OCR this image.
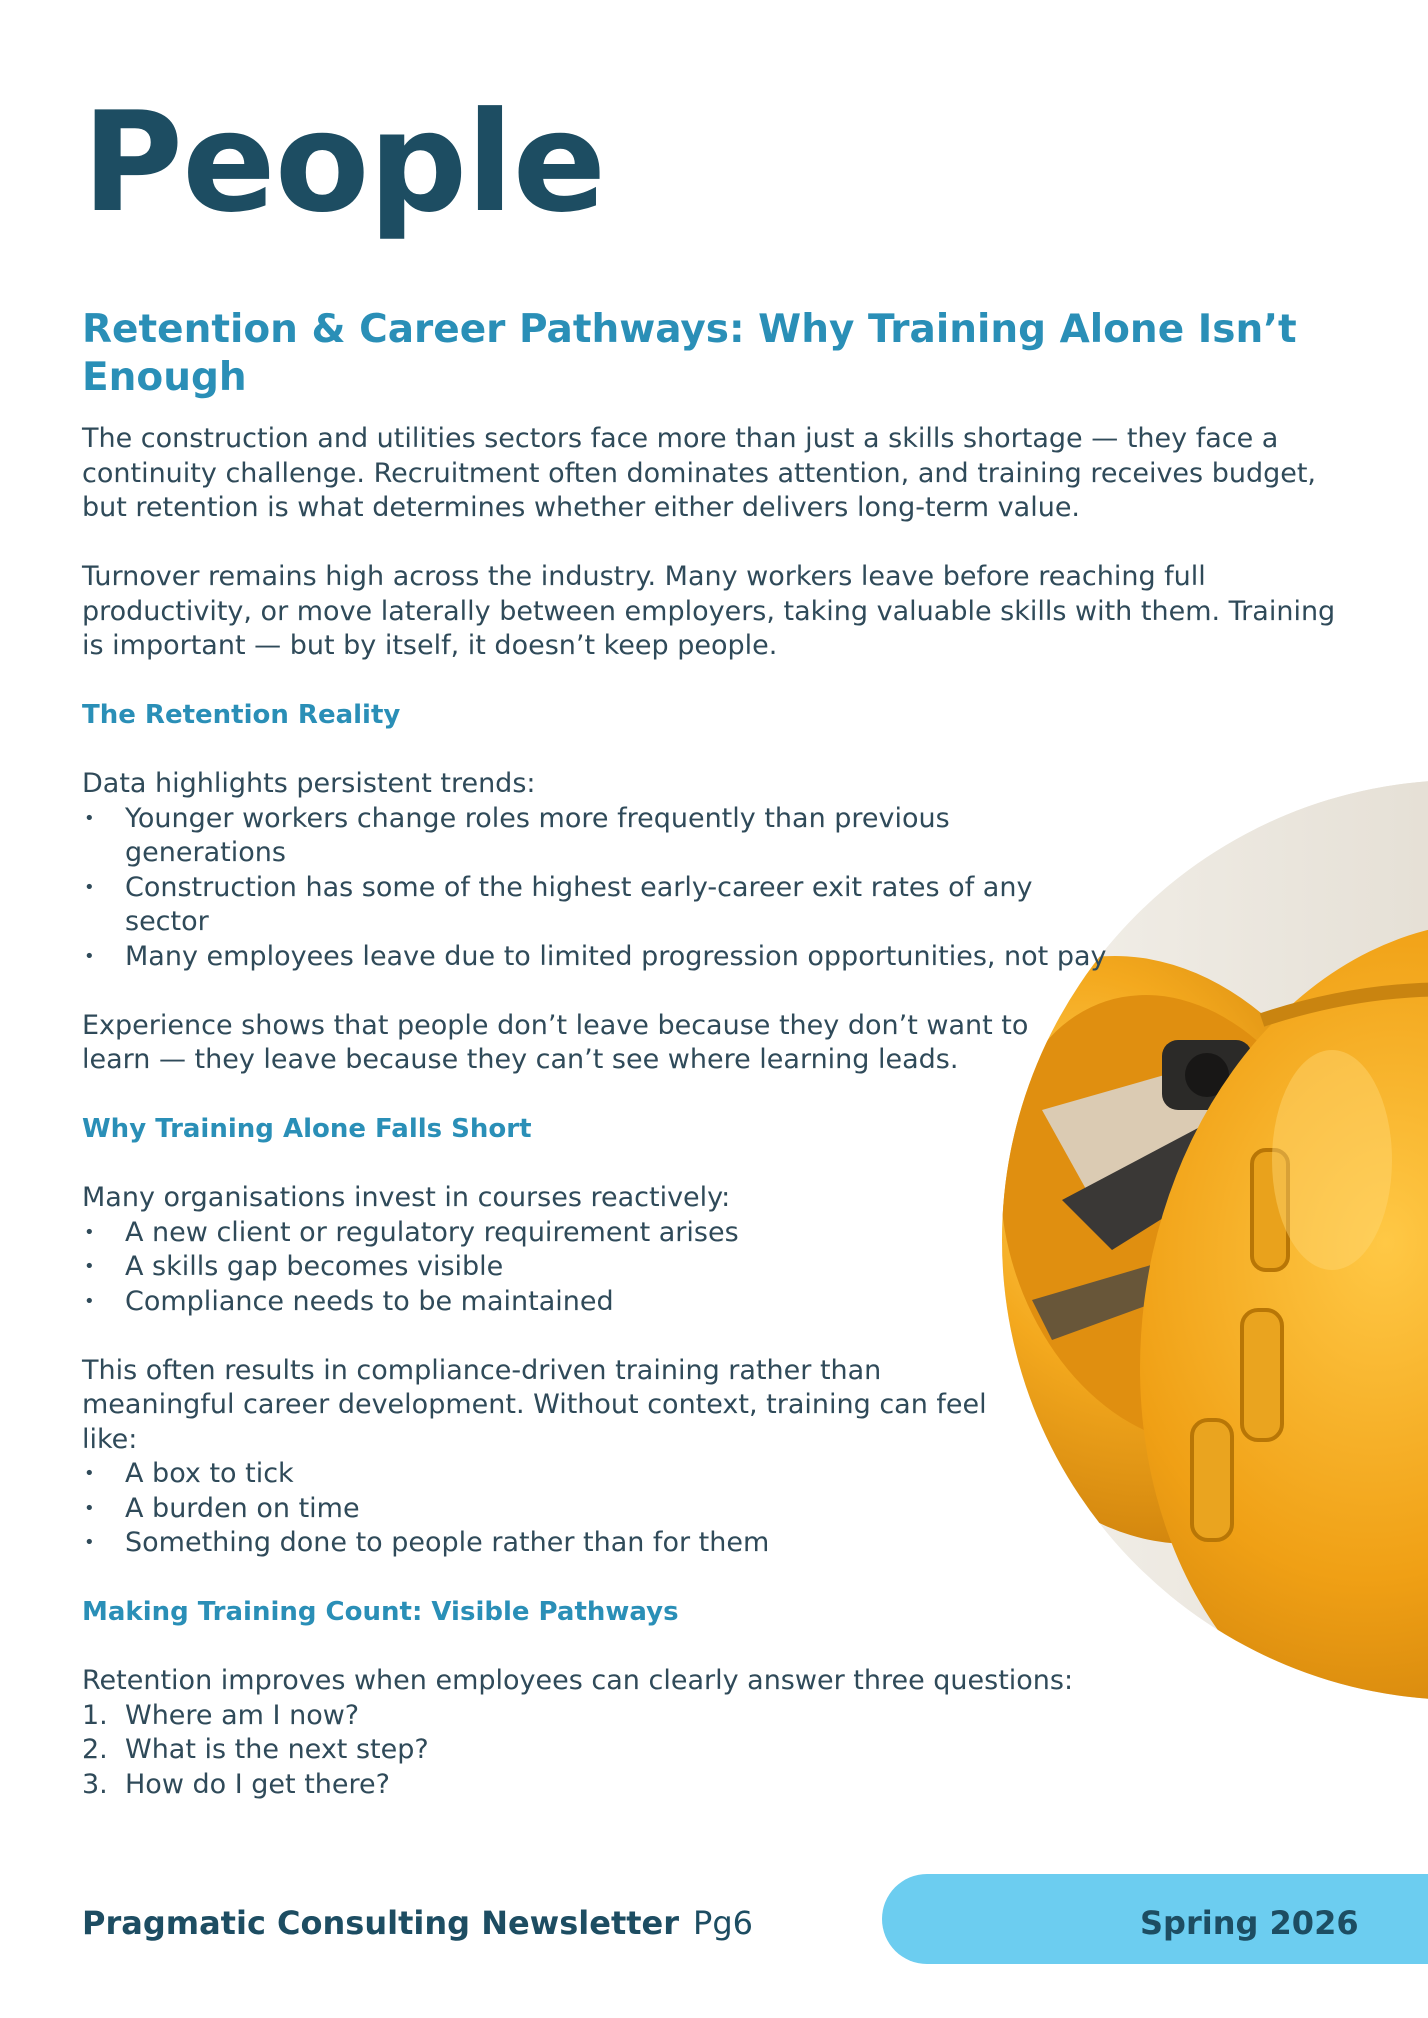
People
Retention & Career Pathways: Why Training Alone Isn’t Enough

The construction and utilities sectors face more than just a skills shortage — they face a continuity challenge. Recruitment often dominates attention, and training receives budget, but retention is what determines whether either delivers long-term value.

Turnover remains high across the industry. Many workers leave before reaching full productivity, or move laterally between employers, taking valuable skills with them. Training is important — but by itself, it doesn’t keep people.

The Retention Reality

Data highlights persistent trends:

• Younger workers change roles more frequently than previous generations
• Construction has some of the highest early-career exit rates of any sector
• Many employees leave due to limited progression opportunities, not pay

Experience shows that people don’t leave because they don’t want to learn — they leave because they can’t see where learning leads.

Why Training Alone Falls Short

Many organisations invest in courses reactively:

• A new client or regulatory requirement arises
• A skills gap becomes visible
• Compliance needs to be maintained

This often results in compliance-driven training rather than meaningful career development. Without context, training can feel like:

• A box to tick
• A burden on time
• Something done to people rather than for them

Making Training Count: Visible Pathways

Retention improves when employees can clearly answer three questions:

1. Where am I now?
2. What is the next step?
3. How do I get there?
Pragmatic Consulting Newsletter Pg6	Spring 2026
